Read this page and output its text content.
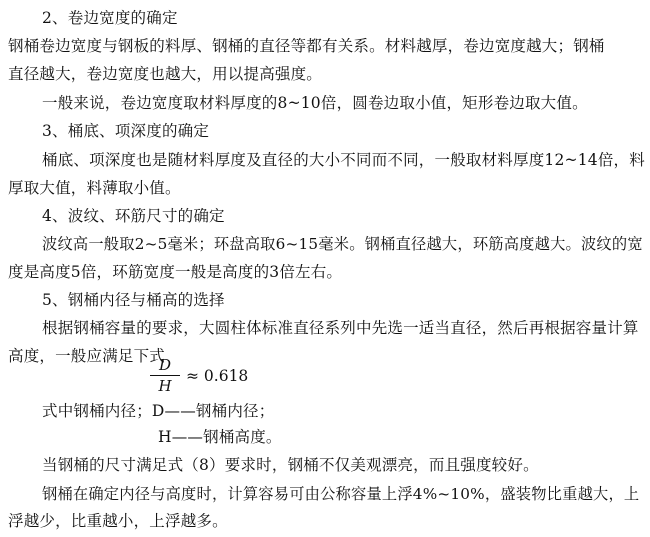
2、卷边宽度的确定
钢桶卷边宽度与钢板的料厚、钢桶的直径等都有关系。材料越厚，卷边宽度越大；钢桶
直径越大，卷边宽度也越大，用以提高强度。
一般来说，卷边宽度取材料厚度的8~10倍，圆卷边取小值，矩形卷边取大值。
3、桶底、项深度的确定
桶底、项深度也是随材料厚度及直径的大小不同而不同，一般取材料厚度12~14倍，料
厚取大值，料薄取小值。
4、波纹、环筋尺寸的确定
波纹高一般取2~5毫米；环盘高取6~15毫米。钢桶直径越大，环筋高度越大。波纹的宽
度是高度5倍，环筋宽度一般是高度的3倍左右。
5、钢桶内径与桶高的选择
根据钢桶容量的要求，大圆柱体标准直径系列中先选一适当直径，然后再根据容量计算
高度，一般应满足下式
D
H
≈ 0.618
式中钢桶内径；D——钢桶内径；
H——钢桶高度。
当钢桶的尺寸满足式（8）要求时，钢桶不仅美观漂亮，而且强度较好。
钢桶在确定内径与高度时，计算容易可由公称容量上浮4%~10%，盛装物比重越大，上
浮越少，比重越小，上浮越多。
